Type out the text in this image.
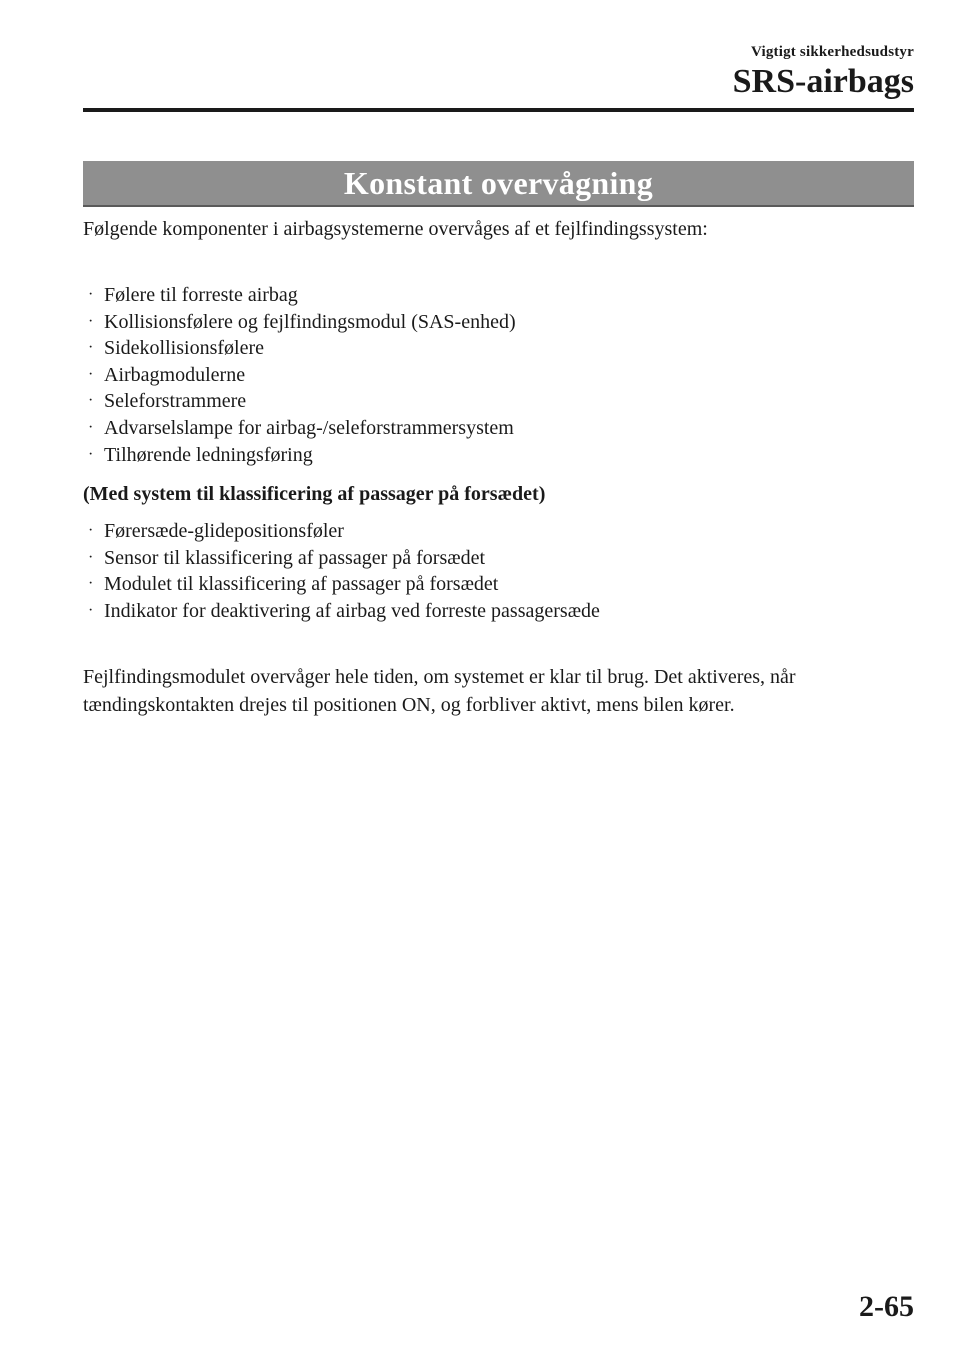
Vigtigt sikkerhedsudstyr
SRS-airbags
Konstant overvågning
Følgende komponenter i airbagsystemerne overvåges af et fejlfindingssystem:
· Følere til forreste airbag
· Kollisionsfølere og fejlfindingsmodul (SAS-enhed)
· Sidekollisionsfølere
· Airbagmodulerne
· Seleforstrammere
· Advarselslampe for airbag-/seleforstrammersystem
· Tilhørende ledningsføring
(Med system til klassificering af passager på forsædet)
· Førersæde-glidepositionsføler
· Sensor til klassificering af passager på forsædet
· Modulet til klassificering af passager på forsædet
· Indikator for deaktivering af airbag ved forreste passagersæde

Fejlfindingsmodulet overvåger hele tiden, om systemet er klar til brug. Det aktiveres, når tændingskontakten drejes til positionen ON, og forbliver aktivt, mens bilen kører.

2-65
